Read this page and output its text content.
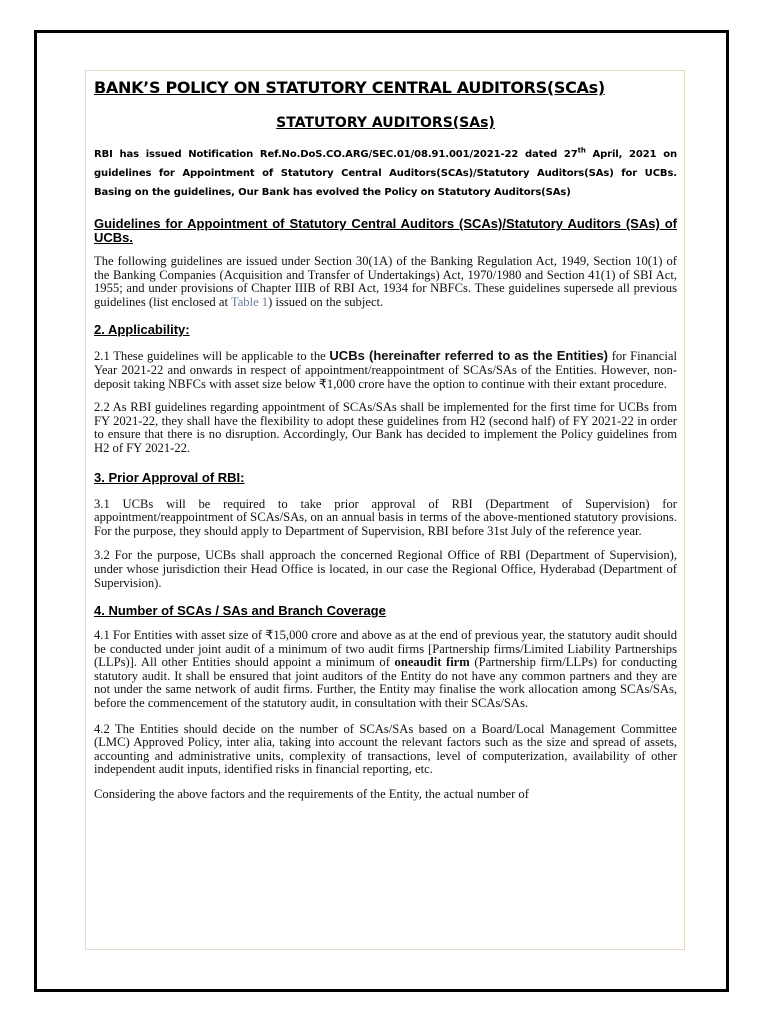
BANK’S POLICY ON STATUTORY CENTRAL AUDITORS(SCAs)
STATUTORY AUDITORS(SAs)

RBI has issued Notification Ref.No.DoS.CO.ARG/SEC.01/08.91.001/2021-22 dated 27th April, 2021 on guidelines for Appointment of Statutory Central Auditors(SCAs)/Statutory Auditors(SAs) for UCBs. Basing on the guidelines, Our Bank has evolved the Policy on Statutory Auditors(SAs)

Guidelines for Appointment of Statutory Central Auditors (SCAs)/Statutory Auditors (SAs) of UCBs.

The following guidelines are issued under Section 30(1A) of the Banking Regulation Act, 1949, Section 10(1) of the Banking Companies (Acquisition and Transfer of Undertakings) Act, 1970/1980 and Section 41(1) of SBI Act, 1955; and under provisions of Chapter IIIB of RBI Act, 1934 for NBFCs. These guidelines supersede all previous guidelines (list enclosed at Table 1) issued on the subject.

2. Applicability:

2.1 These guidelines will be applicable to the UCBs (hereinafter referred to as the Entities) for Financial Year 2021-22 and onwards in respect of appointment/reappointment of SCAs/SAs of the Entities. However, non-deposit taking NBFCs with asset size below ₹1,000 crore have the option to continue with their extant procedure.

2.2 As RBI guidelines regarding appointment of SCAs/SAs shall be implemented for the first time for UCBs from FY 2021-22, they shall have the flexibility to adopt these guidelines from H2 (second half) of FY 2021-22 in order to ensure that there is no disruption. Accordingly, Our Bank has decided to implement the Policy guidelines from H2 of FY 2021-22.

3. Prior Approval of RBI:

3.1 UCBs will be required to take prior approval of RBI (Department of Supervision) for appointment/reappointment of SCAs/SAs, on an annual basis in terms of the above-mentioned statutory provisions. For the purpose, they should apply to Department of Supervision, RBI before 31st July of the reference year.

3.2 For the purpose, UCBs shall approach the concerned Regional Office of RBI (Department of Supervision), under whose jurisdiction their Head Office is located, in our case the Regional Office, Hyderabad (Department of Supervision).

4. Number of SCAs / SAs and Branch Coverage

4.1 For Entities with asset size of ₹15,000 crore and above as at the end of previous year, the statutory audit should be conducted under joint audit of a minimum of two audit firms [Partnership firms/Limited Liability Partnerships (LLPs)]. All other Entities should appoint a minimum of oneaudit firm (Partnership firm/LLPs) for conducting statutory audit. It shall be ensured that joint auditors of the Entity do not have any common partners and they are not under the same network of audit firms. Further, the Entity may finalise the work allocation among SCAs/SAs, before the commencement of the statutory audit, in consultation with their SCAs/SAs.

4.2 The Entities should decide on the number of SCAs/SAs based on a Board/Local Management Committee (LMC) Approved Policy, inter alia, taking into account the relevant factors such as the size and spread of assets, accounting and administrative units, complexity of transactions, level of computerization, availability of other independent audit inputs, identified risks in financial reporting, etc.

Considering the above factors and the requirements of the Entity, the actual number of
